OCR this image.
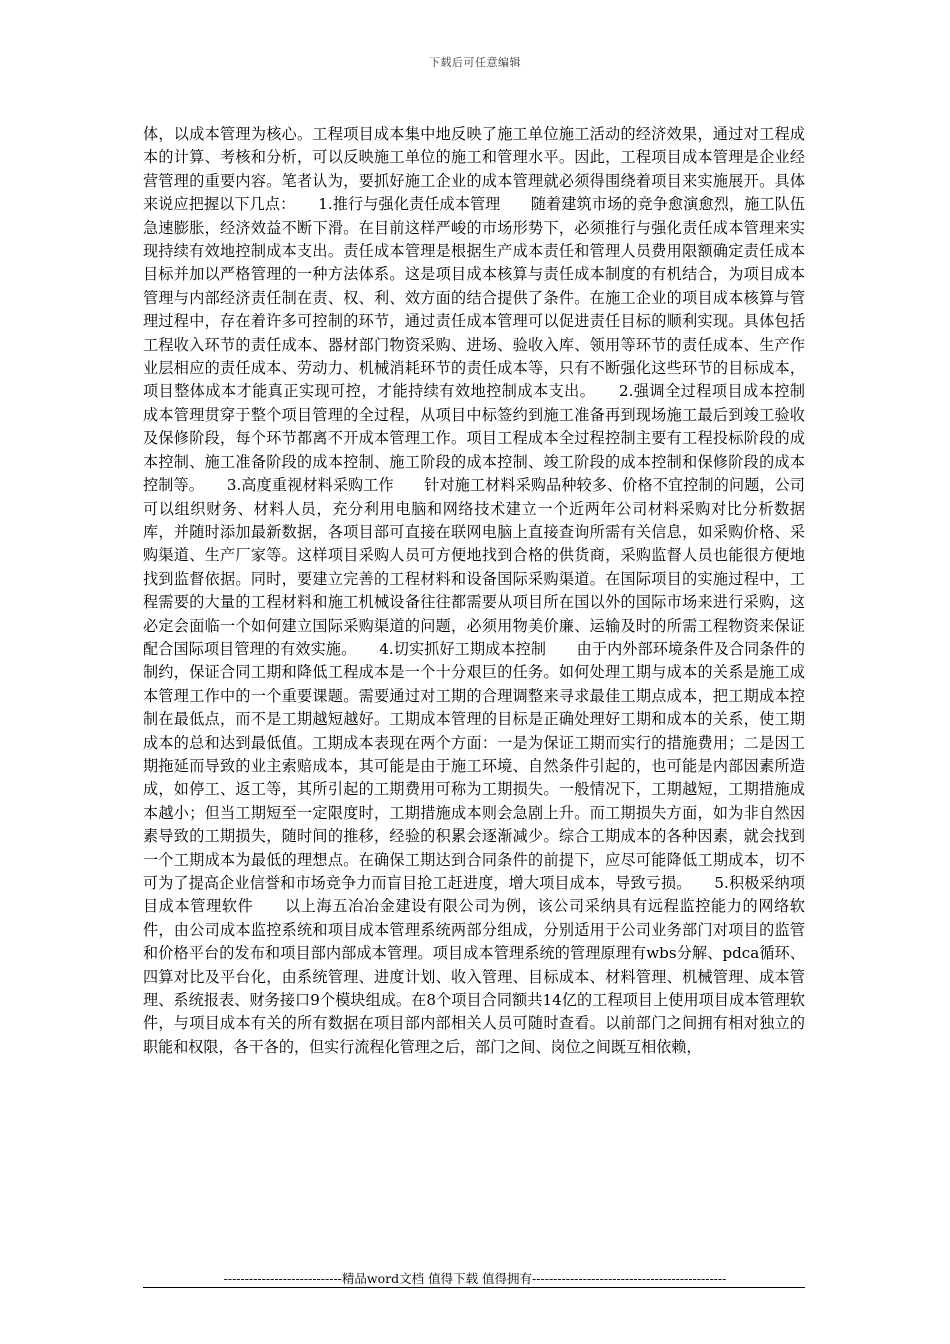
下载后可任意编辑

体，以成本管理为核心。工程项目成本集中地反映了施工单位施工活动的经济效果，通过对工程成本的计算、考核和分析，可以反映施工单位的施工和管理水平。因此，工程项目成本管理是企业经营管理的重要内容。笔者认为，要抓好施工企业的成本管理就必须得围绕着项目来实施展开。具体来说应把握以下几点：　　1.推行与强化责任成本管理　　随着建筑市场的竞争愈演愈烈，施工队伍急速膨胀，经济效益不断下滑。在目前这样严峻的市场形势下，必须推行与强化责任成本管理来实现持续有效地控制成本支出。责任成本管理是根据生产成本责任和管理人员费用限额确定责任成本目标并加以严格管理的一种方法体系。这是项目成本核算与责任成本制度的有机结合，为项目成本管理与内部经济责任制在责、权、利、效方面的结合提供了条件。在施工企业的项目成本核算与管理过程中，存在着许多可控制的环节，通过责任成本管理可以促进责任目标的顺利实现。具体包括工程收入环节的责任成本、器材部门物资采购、进场、验收入库、领用等环节的责任成本、生产作业层相应的责任成本、劳动力、机械消耗环节的责任成本等，只有不断强化这些环节的目标成本，项目整体成本才能真正实现可控，才能持续有效地控制成本支出。　　2.强调全过程项目成本控制　　成本管理贯穿于整个项目管理的全过程，从项目中标签约到施工准备再到现场施工最后到竣工验收及保修阶段，每个环节都离不开成本管理工作。项目工程成本全过程控制主要有工程投标阶段的成本控制、施工准备阶段的成本控制、施工阶段的成本控制、竣工阶段的成本控制和保修阶段的成本控制等。　　3.高度重视材料采购工作　　针对施工材料采购品种较多、价格不宜控制的问题，公司可以组织财务、材料人员，充分利用电脑和网络技术建立一个近两年公司材料采购对比分析数据库，并随时添加最新数据，各项目部可直接在联网电脑上直接查询所需有关信息，如采购价格、采购渠道、生产厂家等。这样项目采购人员可方便地找到合格的供货商，采购监督人员也能很方便地找到监督依据。同时，要建立完善的工程材料和设备国际采购渠道。在国际项目的实施过程中，工程需要的大量的工程材料和施工机械设备往往都需要从项目所在国以外的国际市场来进行采购，这必定会面临一个如何建立国际采购渠道的问题，必须用物美价廉、运输及时的所需工程物资来保证配合国际项目管理的有效实施。　　4.切实抓好工期成本控制　　由于内外部环境条件及合同条件的制约，保证合同工期和降低工程成本是一个十分艰巨的任务。如何处理工期与成本的关系是施工成本管理工作中的一个重要课题。需要通过对工期的合理调整来寻求最佳工期点成本，把工期成本控制在最低点，而不是工期越短越好。工期成本管理的目标是正确处理好工期和成本的关系，使工期成本的总和达到最低值。工期成本表现在两个方面：一是为保证工期而实行的措施费用；二是因工期拖延而导致的业主索赔成本，其可能是由于施工环境、自然条件引起的，也可能是内部因素所造成，如停工、返工等，其所引起的工期费用可称为工期损失。一般情况下，工期越短，工期措施成本越小；但当工期短至一定限度时，工期措施成本则会急剧上升。而工期损失方面，如为非自然因素导致的工期损失，随时间的推移，经验的积累会逐渐减少。综合工期成本的各种因素，就会找到一个工期成本为最低的理想点。在确保工期达到合同条件的前提下，应尽可能降低工期成本，切不可为了提高企业信誉和市场竞争力而盲目抢工赶进度，增大项目成本，导致亏损。　　5.积极采纳项目成本管理软件　　以上海五冶冶金建设有限公司为例，该公司采纳具有远程监控能力的网络软件，由公司成本监控系统和项目成本管理系统两部分组成，分别适用于公司业务部门对项目的监管和价格平台的发布和项目部内部成本管理。项目成本管理系统的管理原理有wbs分解、pdca循环、四算对比及平台化，由系统管理、进度计划、收入管理、目标成本、材料管理、机械管理、成本管理、系统报表、财务接口9个模块组成。在8个项目合同额共14亿的工程项目上使用项目成本管理软件，与项目成本有关的所有数据在项目部内部相关人员可随时查看。以前部门之间拥有相对独立的职能和权限，各干各的，但实行流程化管理之后，部门之间、岗位之间既互相依赖，

----------------------------精品word文档 值得下载 值得拥有----------------------------------------------
